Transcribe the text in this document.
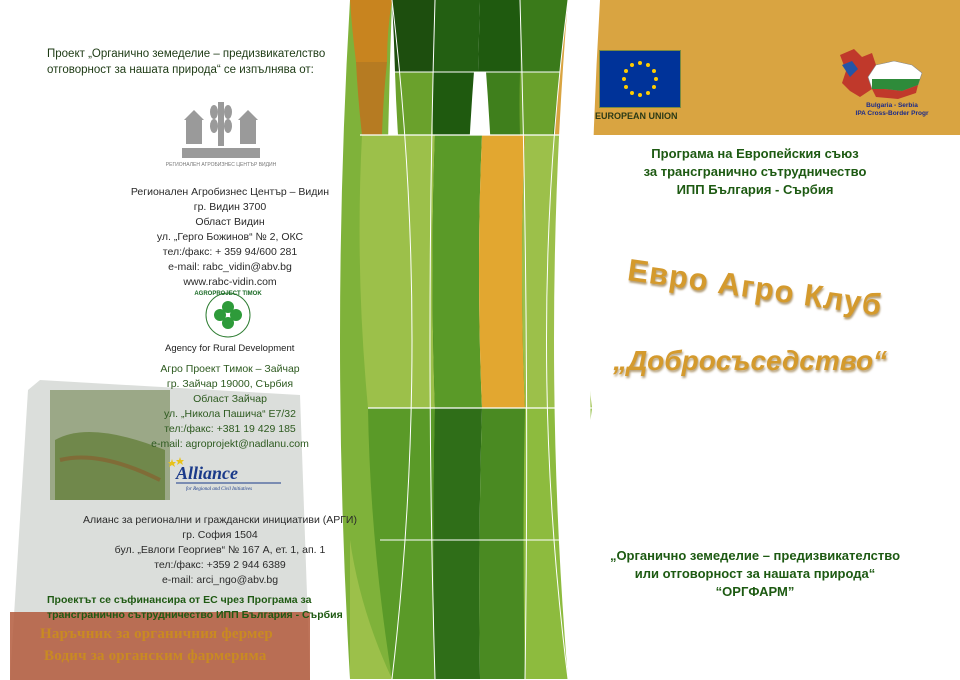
EUROPEAN UNION
Bulgaria - Serbia
IPA Cross-Border Progr
Проект „Органично земеделие – предизвикателство
отговорност за нашата природа“ се изпълнява от:
РЕГИОНАЛЕН АГРОБИЗНЕС ЦЕНТЪР ВИДИН
Регионален Агробизнес Център – Видин
гр. Видин 3700
Област Видин
ул. „Герго Божинов“ № 2, ОКС
тел:/факс: + 359 94/600 281
e-mail: rabc_vidin@abv.bg
www.rabc-vidin.com
AGROPROJECT TIMOK
Agency for Rural Development
Наръчник за органичния фермер
Водич за органским фармерима
Агро Проект Тимок – Зайчар
гр. Зайчар 19000, Сърбия
Област Зайчар
ул. „Никола Пашича“ Е7/32
тел:/факс: +381 19 429 185
e-mail: agroprojekt@nadlanu.com
Alliance
for Regional and Civil Initiatives
Алианс за регионални и граждански инициативи (АРГИ)
гр. София 1504
бул. „Евлоги Георгиев“ № 167 А, ет. 1, ап. 1
тел:/факс: +359 2 944 6389
e-mail: arci_ngo@abv.bg
Проектът се съфинансира от ЕС чрез Програма за
трансгранично сътрудничество ИПП България - Сърбия
Програма на Европейския съюз
за трансгранично сътрудничество
ИПП България - Сърбия
Евро Агро Клуб
„Добросъседство“
„Органично земеделие – предизвикателство
или отговорност за нашата природа“
“ОРГФАРМ”
